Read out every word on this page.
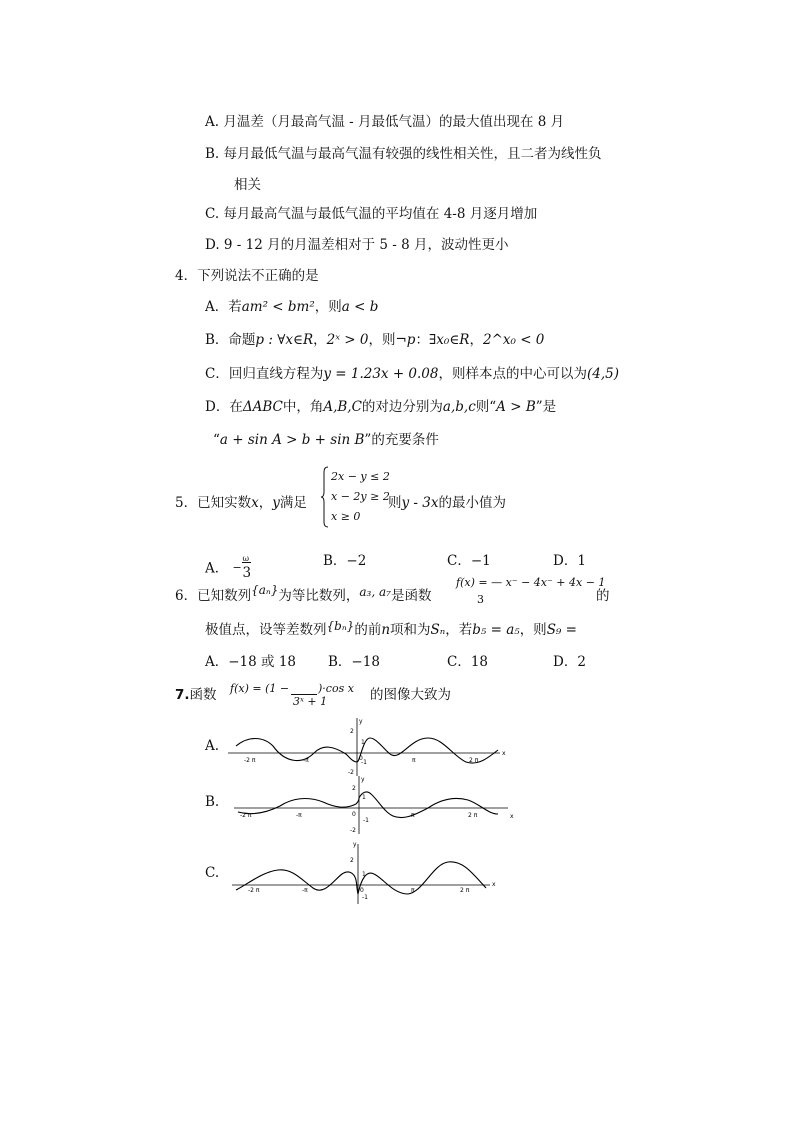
A. 月温差（月最高气温 - 月最低气温）的最大值出现在 8 月
B. 每月最低气温与最高气温有较强的线性相关性，且二者为线性负
相关
C. 每月最高气温与最低气温的平均值在 4-8 月逐月增加
D. 9 - 12 月的月温差相对于 5 - 8 月，波动性更小
4．下列说法不正确的是
A．若am² < bm²，则a < b
B．命题p : ∀x∈R，2ˣ > 0，则¬p：∃x₀∈R，2^x₀ < 0
C．回归直线方程为y = 1.23x + 0.08，则样本点的中心可以为(4,5)
D．在ΔABC中，角A,B,C的对边分别为a,b,c则“A > B”是
“a + sin A > b + sin B”的充要条件
5．已知实数x，y满足
2x − y ≤ 2
x − 2y ≥ 2
x ≥ 0
则y - 3x的最小值为
A． −
ω
3
B．−2	C．−1	D．1
6．已知数列{aₙ}为等比数列，a₃, a₇是函数
f(x) = — x⁻ − 4x⁻ + 4x − 1
3	的
极值点，设等差数列{bₙ}的前n项和为Sₙ，若b₅ = a₅，则S₉ =
A．−18 或 18 B．−18	C．18	D．2
7.函数 f(x) = (1 −
3ˣ + 1
)·cos x 的图像大致为
A.
B.
C.
-2 π	-π	0	π	2 π
x
y
2
1
-1
-2
-2 π	-π	0	π	2 π	x
y
2
1
-1
-2
-2 π	-π	0	π	2 π
x
y
2
1
-1
